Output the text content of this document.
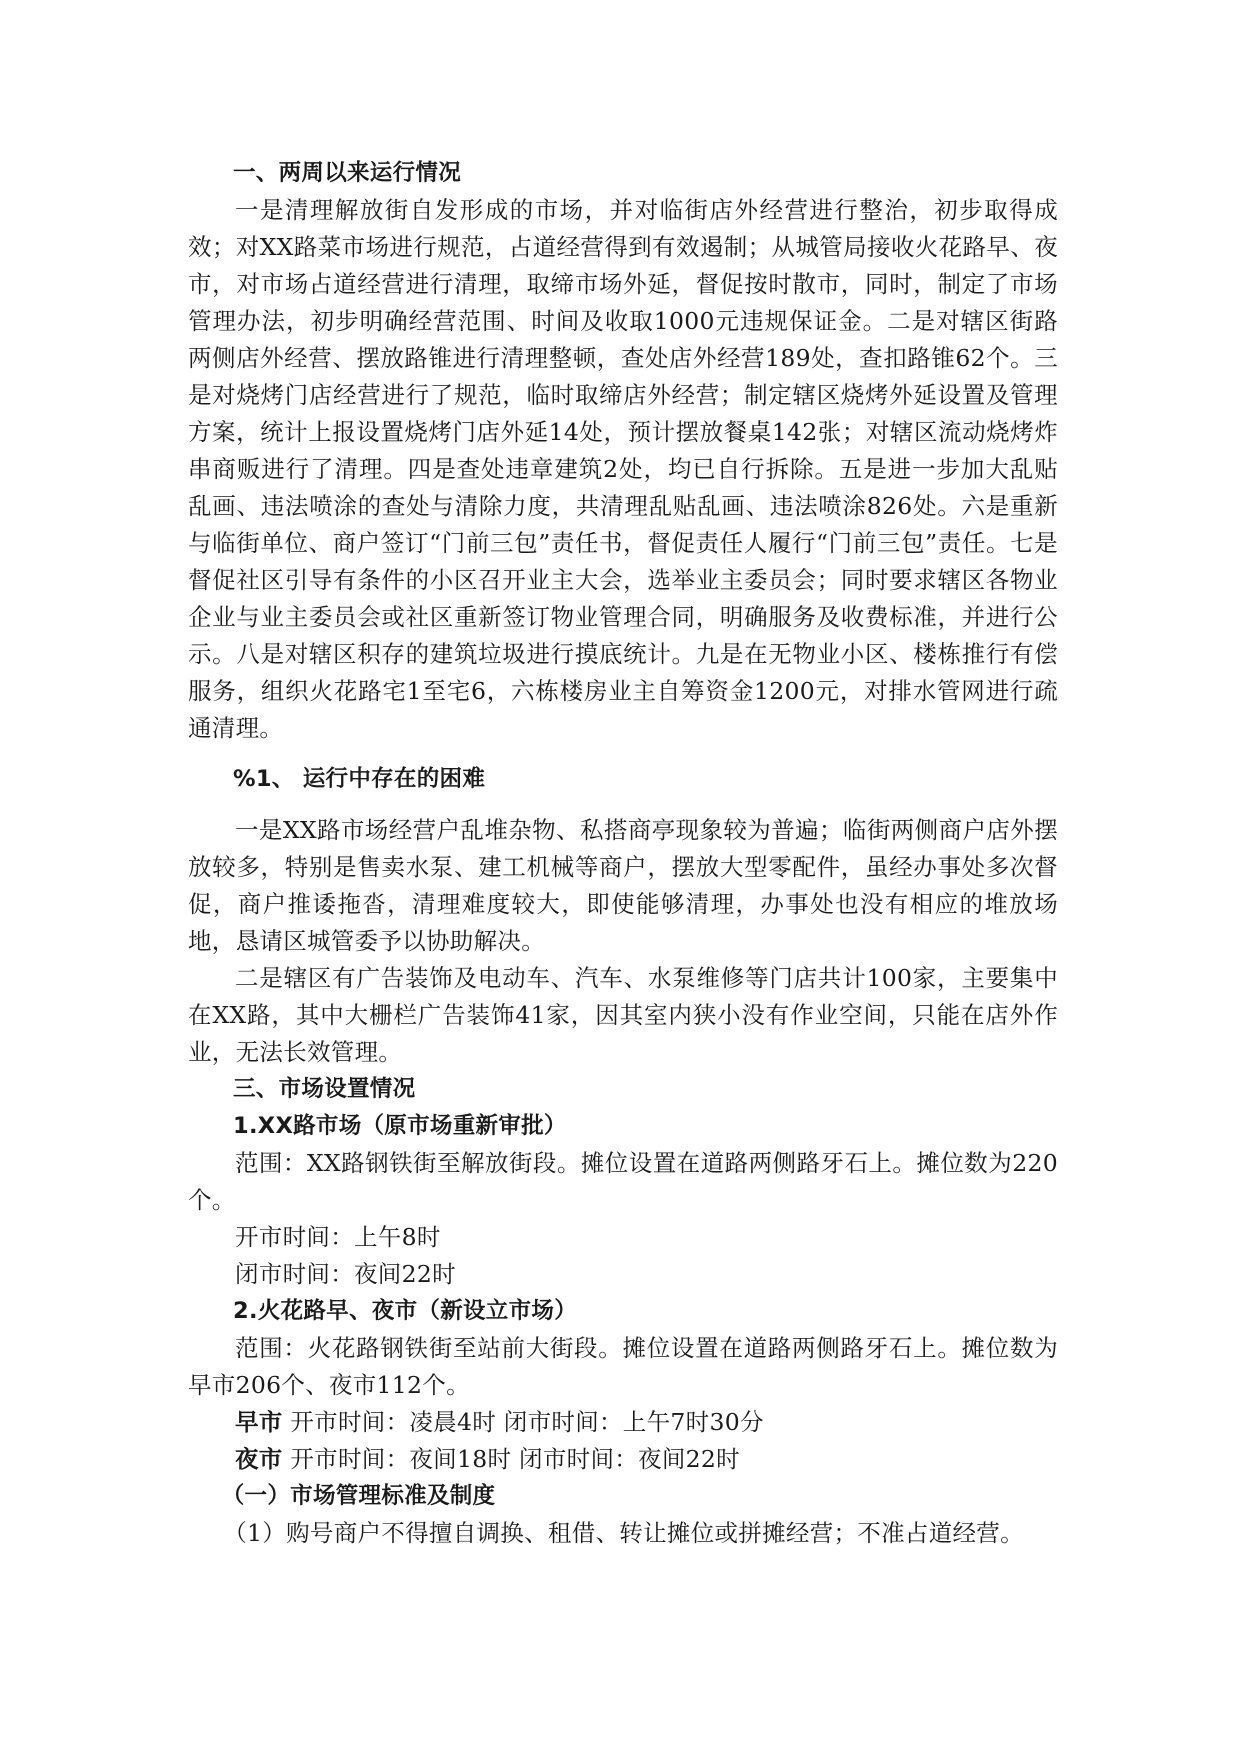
一、两周以来运行情况

一是清理解放街自发形成的市场，并对临街店外经营进行整治，初步取得成效；对XX路菜市场进行规范，占道经营得到有效遏制；从城管局接收火花路早、夜市，对市场占道经营进行清理，取缔市场外延，督促按时散市，同时，制定了市场管理办法，初步明确经营范围、时间及收取1000元违规保证金。二是对辖区街路两侧店外经营、摆放路锥进行清理整顿，查处店外经营189处，查扣路锥62个。三是对烧烤门店经营进行了规范，临时取缔店外经营；制定辖区烧烤外延设置及管理方案，统计上报设置烧烤门店外延14处，预计摆放餐桌142张；对辖区流动烧烤炸串商贩进行了清理。四是查处违章建筑2处，均已自行拆除。五是进一步加大乱贴乱画、违法喷涂的查处与清除力度，共清理乱贴乱画、违法喷涂826处。六是重新与临街单位、商户签订“门前三包”责任书，督促责任人履行“门前三包”责任。七是督促社区引导有条件的小区召开业主大会，选举业主委员会；同时要求辖区各物业企业与业主委员会或社区重新签订物业管理合同，明确服务及收费标准，并进行公示。八是对辖区积存的建筑垃圾进行摸底统计。九是在无物业小区、楼栋推行有偿服务，组织火花路宅1至宅6，六栋楼房业主自筹资金1200元，对排水管网进行疏通清理。

%1、 运行中存在的困难

一是XX路市场经营户乱堆杂物、私搭商亭现象较为普遍；临街两侧商户店外摆放较多，特别是售卖水泵、建工机械等商户，摆放大型零配件，虽经办事处多次督促，商户推诿拖沓，清理难度较大，即使能够清理，办事处也没有相应的堆放场地，恳请区城管委予以协助解决。

二是辖区有广告装饰及电动车、汽车、水泵维修等门店共计100家，主要集中在XX路，其中大栅栏广告装饰41家，因其室内狭小没有作业空间，只能在店外作业，无法长效管理。

三、市场设置情况

1.XX路市场（原市场重新审批）

范围：XX路钢铁街至解放街段。摊位设置在道路两侧路牙石上。摊位数为220个。

开市时间：上午8时

闭市时间：夜间22时

2.火花路早、夜市（新设立市场）

范围：火花路钢铁街至站前大街段。摊位设置在道路两侧路牙石上。摊位数为早市206个、夜市112个。

早市 开市时间：凌晨4时 闭市时间：上午7时30分

夜市 开市时间：夜间18时 闭市时间：夜间22时

（一）市场管理标准及制度

（1）购号商户不得擅自调换、租借、转让摊位或拼摊经营；不准占道经营。
